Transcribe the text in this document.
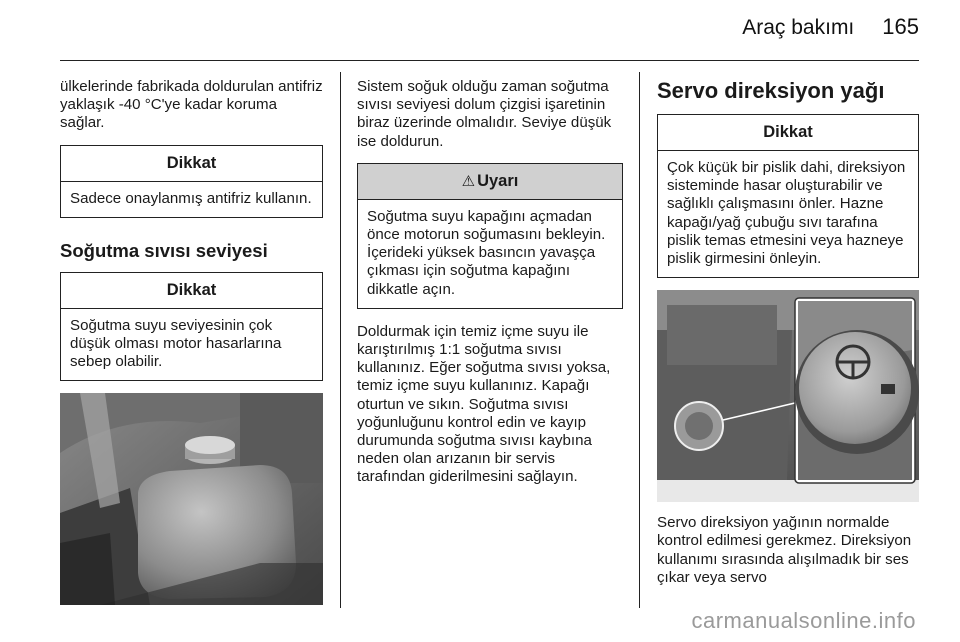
Araç bakımı 165

ülkelerinde fabrikada doldurulan antifriz yaklaşık -40 °C'ye kadar koruma sağlar.

Dikkat
Sadece onaylanmış antifriz kullanın.
Soğutma sıvısı seviyesi
Dikkat
Soğutma suyu seviyesinin çok düşük olması motor hasarlarına sebep olabilir.

Sistem soğuk olduğu zaman soğutma sıvısı seviyesi dolum çizgisi işaretinin biraz üzerinde olmalıdır. Seviye düşük ise doldurun.

⚠ Uyarı
Soğutma suyu kapağını açmadan önce motorun soğumasını bekleyin. İçerideki yüksek basıncın yavaşça çıkması için soğutma kapağını dikkatle açın.

Doldurmak için temiz içme suyu ile karıştırılmış 1:1 soğutma sıvısı kullanınız. Eğer soğutma sıvısı yoksa, temiz içme suyu kullanınız. Kapağı oturtun ve sıkın. Soğutma sıvısı yoğunluğunu kontrol edin ve kayıp durumunda soğutma sıvısı kaybına neden olan arızanın bir servis tarafından giderilmesini sağlayın.

Servo direksiyon yağı
Dikkat
Çok küçük bir pislik dahi, direksiyon sisteminde hasar oluşturabilir ve sağlıklı çalışmasını önler. Hazne kapağı/yağ çubuğu sıvı tarafına pislik temas etmesini veya hazneye pislik girmesini önleyin.

Servo direksiyon yağının normalde kontrol edilmesi gerekmez. Direksiyon kullanımı sırasında alışılmadık bir ses çıkar veya servo

carmanualsonline.info
